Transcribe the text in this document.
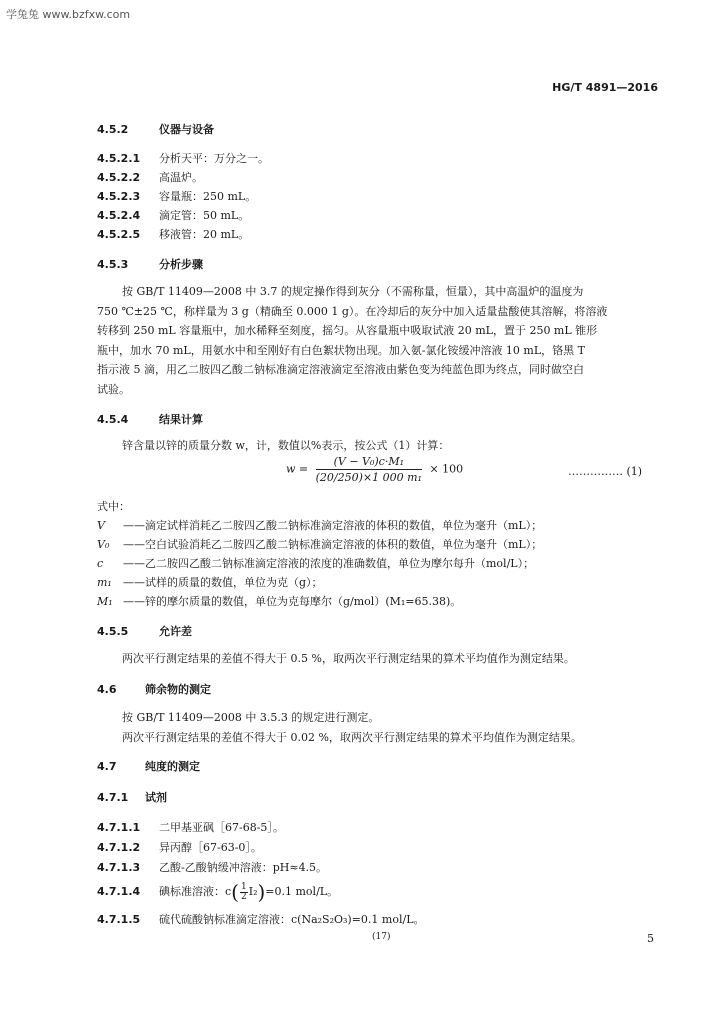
学兔兔 www.bzfxw.com
HG/T 4891—2016
4.5.2	仪器与设备
4.5.2.1 分析天平：万分之一。
4.5.2.2 高温炉。
4.5.2.3 容量瓶：250 mL。
4.5.2.4 滴定管：50 mL。
4.5.2.5 移液管：20 mL。
4.5.3	分析步骤
按 GB/T 11409—2008 中 3.7 的规定操作得到灰分（不需称量，恒量），其中高温炉的温度为
750 ℃±25 ℃，称样量为 3 g（精确至 0.000 1 g）。在冷却后的灰分中加入适量盐酸使其溶解，将溶液
转移到 250 mL 容量瓶中，加水稀释至刻度，摇匀。从容量瓶中吸取试液 20 mL，置于 250 mL 锥形
瓶中，加水 70 mL，用氨水中和至刚好有白色絮状物出现。加入氨-氯化铵缓冲溶液 10 mL，铬黑 T
指示液 5 滴，用乙二胺四乙酸二钠标准滴定溶液滴定至溶液由紫色变为纯蓝色即为终点，同时做空白
试验。
4.5.4	结果计算
锌含量以锌的质量分数 w，计，数值以%表示，按公式（1）计算：
$w = \frac{\text{(V − V₀)c·M₁}}{\text{(20/250)×1 000 m₁}} \times 100$	…………… (1)
式中：
V ——滴定试样消耗乙二胺四乙酸二钠标准滴定溶液的体积的数值，单位为毫升（mL）；
V₀ ——空白试验消耗乙二胺四乙酸二钠标准滴定溶液的体积的数值，单位为毫升（mL）；
c ——乙二胺四乙酸二钠标准滴定溶液的浓度的准确数值，单位为摩尔每升（mol/L）；
m₁ ——试样的质量的数值，单位为克（g）；
M₁ ——锌的摩尔质量的数值，单位为克每摩尔（g/mol）(M₁=65.38)。
4.5.5	允许差
两次平行测定结果的差值不得大于 0.5 %，取两次平行测定结果的算术平均值作为测定结果。
4.6	筛余物的测定
按 GB/T 11409—2008 中 3.5.3 的规定进行测定。
两次平行测定结果的差值不得大于 0.02 %，取两次平行测定结果的算术平均值作为测定结果。
4.7	纯度的测定
4.7.1 试剂
4.7.1.1 二甲基亚砜［67-68-5］。
4.7.1.2 异丙醇［67-63-0］。
4.7.1.3 乙酸-乙酸钠缓冲溶液：pH≈4.5。
4.7.1.4 碘标准溶液：$c( \frac{1}{2} I_2)=0.1$ mol/L。
4.7.1.5 硫代硫酸钠标准滴定溶液：c(Na₂S₂O₃)=0.1 mol/L。
(17)	5
